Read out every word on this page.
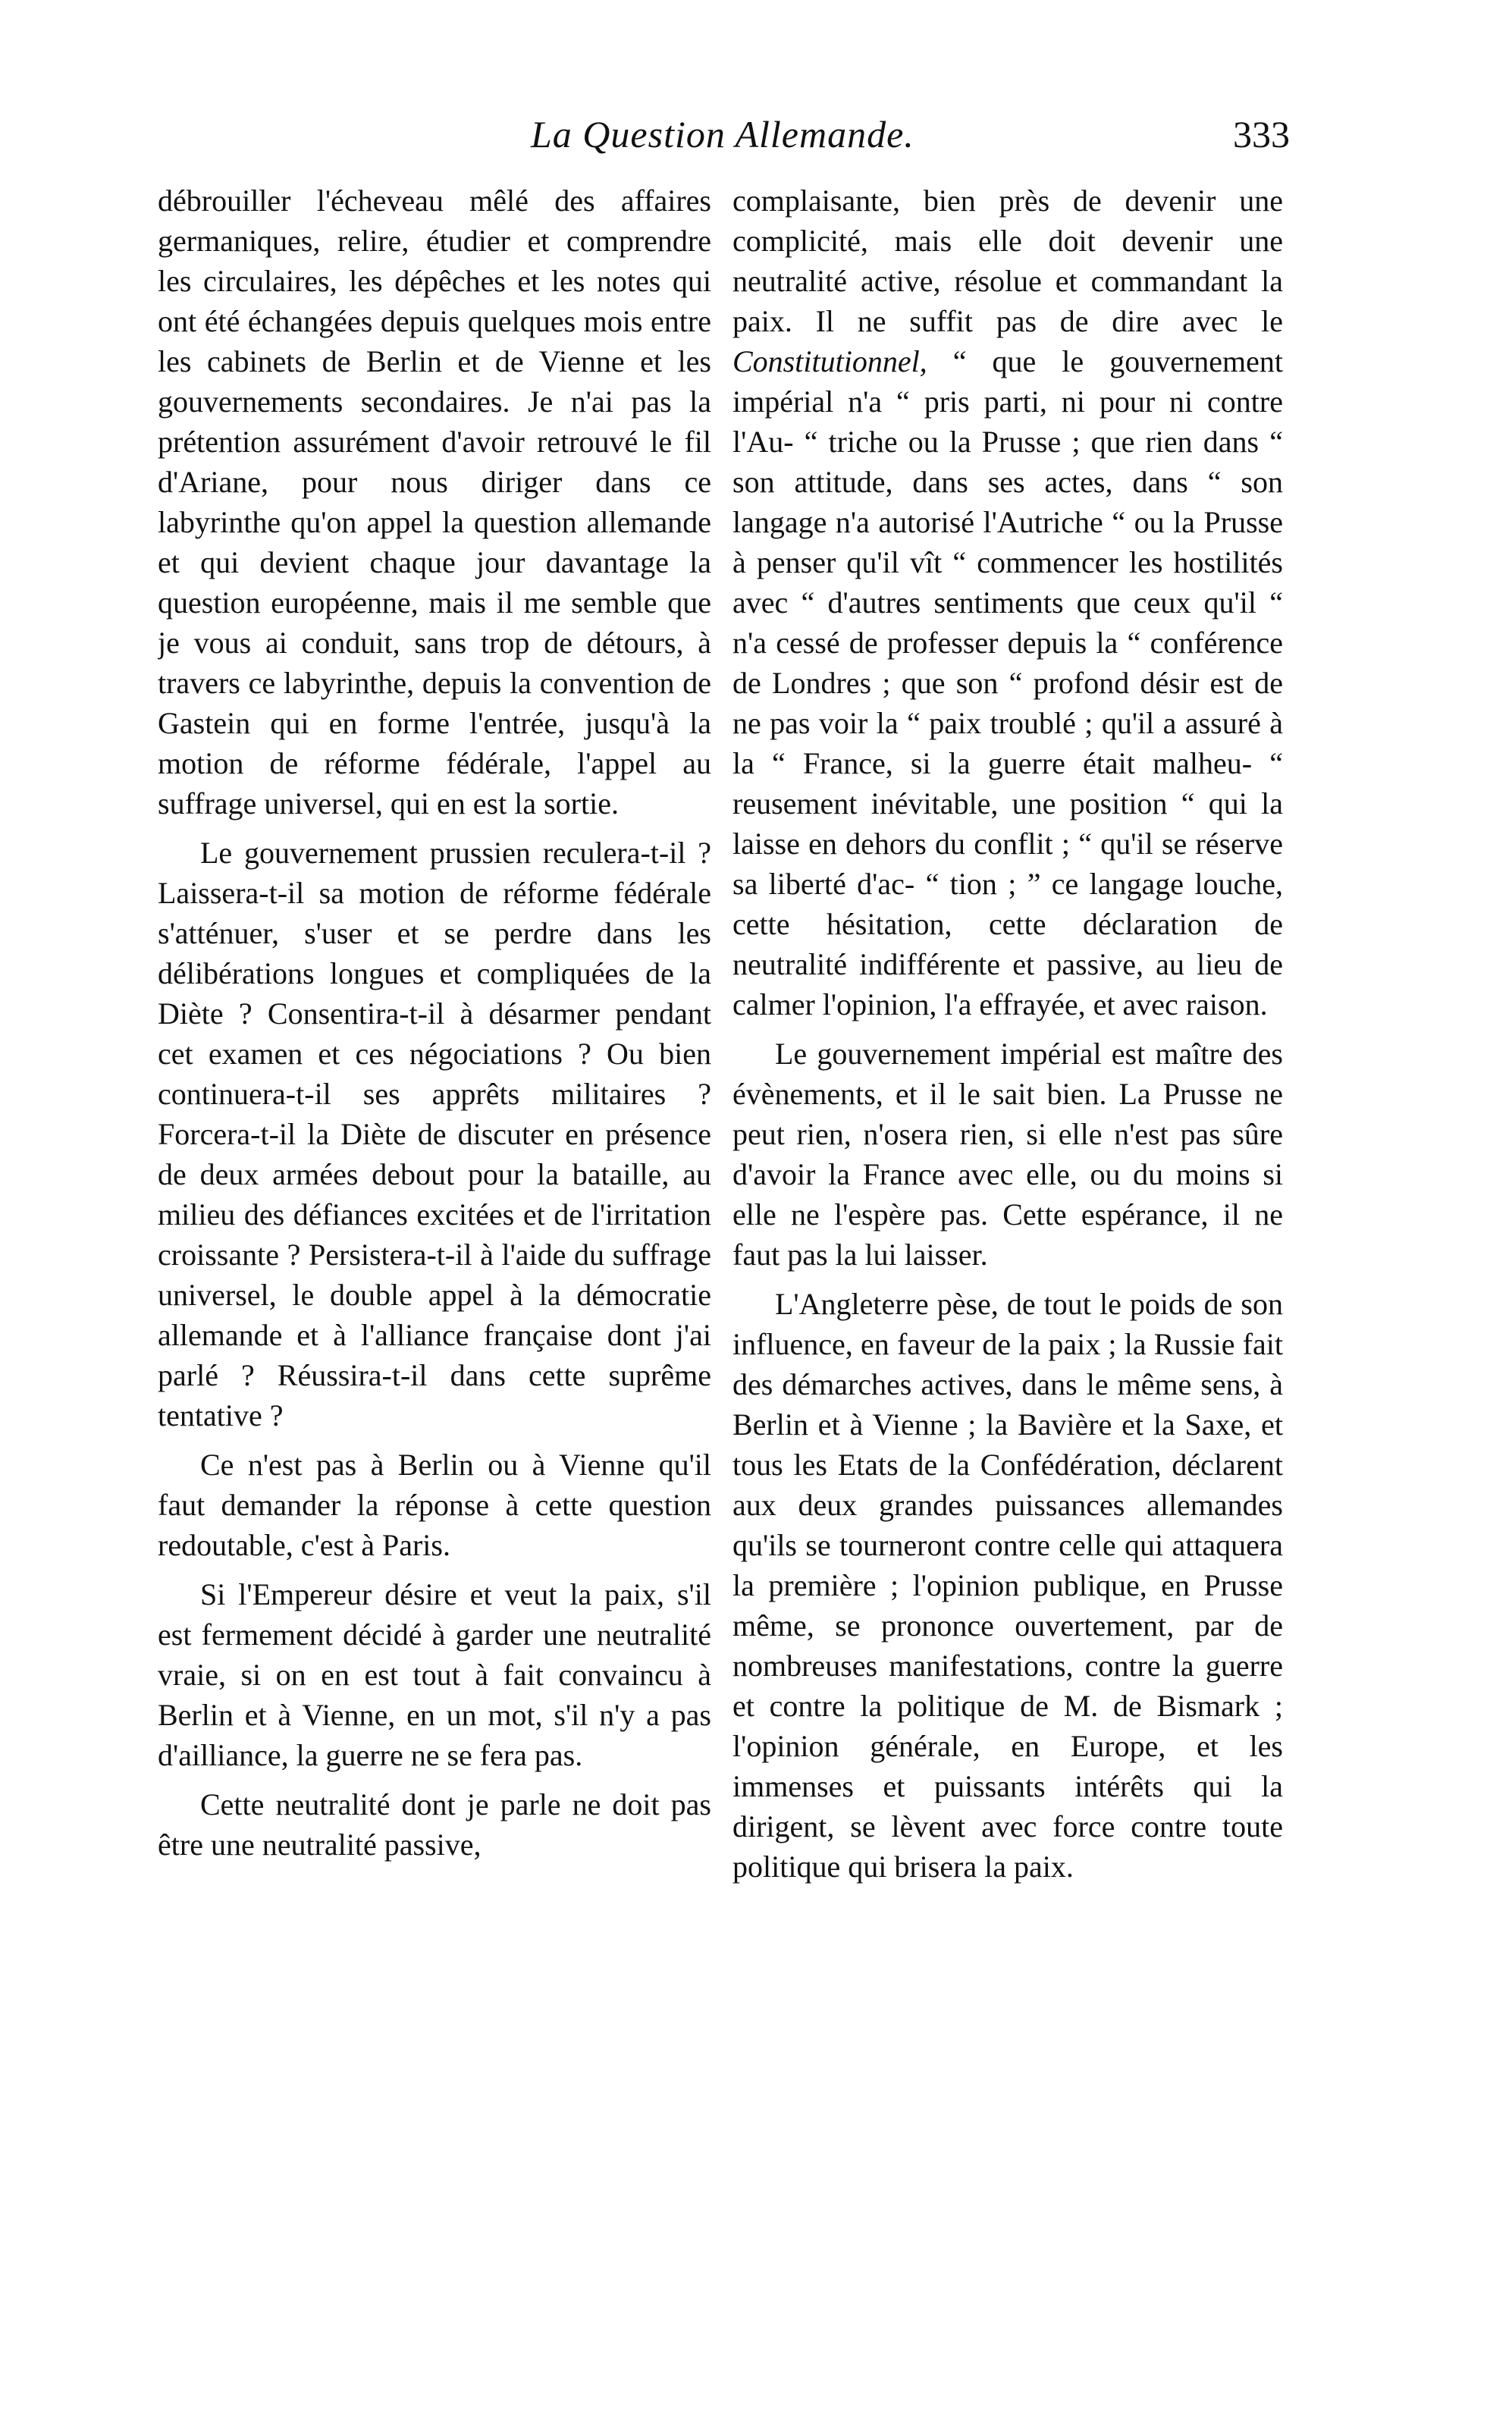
La Question Allemande.	333

débrouiller l'écheveau mêlé des affaires germaniques, relire, étudier et comprendre les circulaires, les dépêches et les notes qui ont été échangées depuis quelques mois entre les cabinets de Berlin et de Vienne et les gouvernements secondaires. Je n'ai pas la prétention assurément d'avoir retrouvé le fil d'Ariane, pour nous diriger dans ce labyrinthe qu'on appel la question allemande et qui devient chaque jour davantage la question européenne, mais il me semble que je vous ai conduit, sans trop de détours, à travers ce labyrinthe, depuis la convention de Gastein qui en forme l'entrée, jusqu'à la motion de réforme fédérale, l'appel au suffrage universel, qui en est la sortie.

Le gouvernement prussien reculera-t-il ? Laissera-t-il sa motion de réforme fédérale s'atténuer, s'user et se perdre dans les délibérations longues et compliquées de la Diète ? Consentira-t-il à désarmer pendant cet examen et ces négociations ? Ou bien continuera-t-il ses apprêts militaires ? Forcera-t-il la Diète de discuter en présence de deux armées debout pour la bataille, au milieu des défiances excitées et de l'irritation croissante ? Persistera-t-il à l'aide du suffrage universel, le double appel à la démocratie allemande et à l'alliance française dont j'ai parlé ? Réussira-t-il dans cette suprême tentative ?

Ce n'est pas à Berlin ou à Vienne qu'il faut demander la réponse à cette question redoutable, c'est à Paris.

Si l'Empereur désire et veut la paix, s'il est fermement décidé à garder une neutralité vraie, si on en est tout à fait convaincu à Berlin et à Vienne, en un mot, s'il n'y a pas d'ailliance, la guerre ne se fera pas.

Cette neutralité dont je parle ne doit pas être une neutralité passive,

complaisante, bien près de devenir une complicité, mais elle doit devenir une neutralité active, résolue et commandant la paix. Il ne suffit pas de dire avec le Constitutionnel, “ que le gouvernement impérial n'a “ pris parti, ni pour ni contre l'Au- “ triche ou la Prusse ; que rien dans “ son attitude, dans ses actes, dans “ son langage n'a autorisé l'Autriche “ ou la Prusse à penser qu'il vît “ commencer les hostilités avec “ d'autres sentiments que ceux qu'il “ n'a cessé de professer depuis la “ conférence de Londres ; que son “ profond désir est de ne pas voir la “ paix troublé ; qu'il a assuré à la “ France, si la guerre était malheu- “ reusement inévitable, une position “ qui la laisse en dehors du conflit ; “ qu'il se réserve sa liberté d'ac- “ tion ; ” ce langage louche, cette hésitation, cette déclaration de neutralité indifférente et passive, au lieu de calmer l'opinion, l'a effrayée, et avec raison.

Le gouvernement impérial est maître des évènements, et il le sait bien. La Prusse ne peut rien, n'osera rien, si elle n'est pas sûre d'avoir la France avec elle, ou du moins si elle ne l'espère pas. Cette espérance, il ne faut pas la lui laisser.

L'Angleterre pèse, de tout le poids de son influence, en faveur de la paix ; la Russie fait des démarches actives, dans le même sens, à Berlin et à Vienne ; la Bavière et la Saxe, et tous les Etats de la Confédération, déclarent aux deux grandes puissances allemandes qu'ils se tourneront contre celle qui attaquera la première ; l'opinion publique, en Prusse même, se prononce ouvertement, par de nombreuses manifestations, contre la guerre et contre la politique de M. de Bismark ; l'opinion générale, en Europe, et les immenses et puissants intérêts qui la dirigent, se lèvent avec force contre toute politique qui brisera la paix.
